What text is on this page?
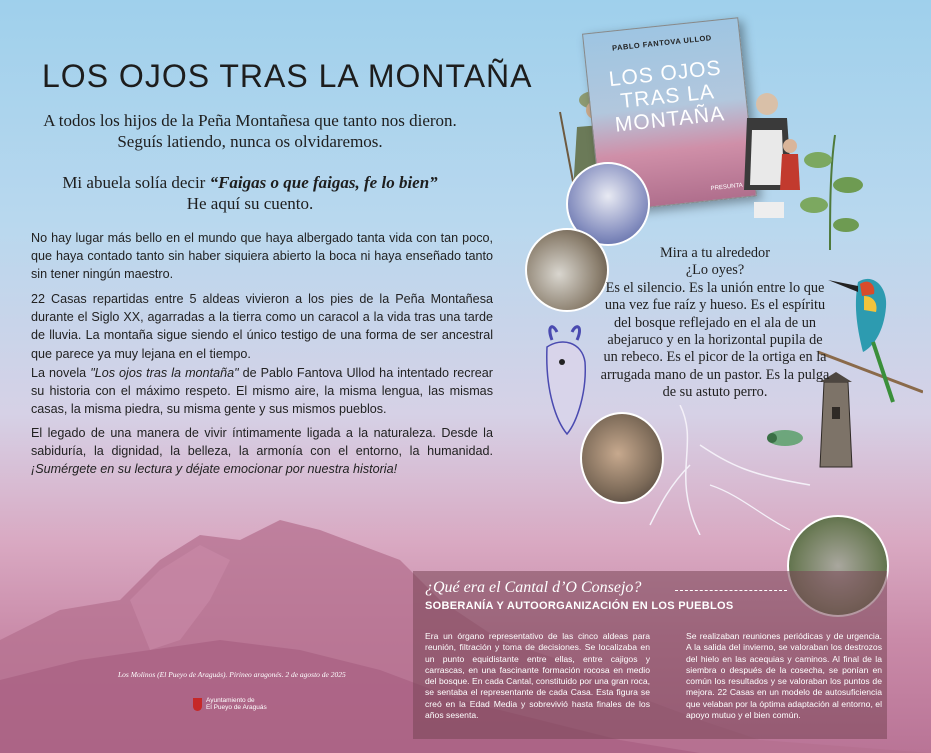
LOS OJOS TRAS LA MONTAÑA
A todos los hijos de la Peña Montañesa que tanto nos dieron.
Seguís latiendo, nunca os olvidaremos.
Mi abuela solía decir “Faigas o que faigas, fe lo bien”
He aquí su cuento.
No hay lugar más bello en el mundo que haya albergado tanta vida con tan poco, que haya contado tanto sin haber siquiera abierto la boca ni haya enseñado tanto sin tener ningún maestro.
22 Casas repartidas entre 5 aldeas vivieron a los pies de la Peña Montañesa durante el Siglo XX, agarradas a la tierra como un caracol a la vida tras una tarde de lluvia. La montaña sigue siendo el único testigo de una forma de ser ancestral que parece ya muy lejana en el tiempo.
La novela "Los ojos tras la montaña" de Pablo Fantova Ullod ha intentado recrear su historia con el máximo respeto. El mismo aire, la misma lengua, las mismas casas, la misma piedra, su misma gente y sus mismos pueblos.
El legado de una manera de vivir íntimamente ligada a la naturaleza. Desde la sabiduría, la dignidad, la belleza, la armonía con el entorno, la humanidad. ¡Sumérgete en su lectura y déjate emocionar por nuestra historia!
Los Molinos (El Pueyo de Araguás). Pirineo aragonés. 2 de agosto de 2025
Ayuntamiento de
El Pueyo de Araguás
PABLO FANTOVA ULLOD
LOS OJOS TRAS LA MONTAÑA
PRESUNTA
Mira a tu alrededor
¿Lo oyes?
Es el silencio. Es la unión entre lo que una vez fue raíz y hueso. Es el espíritu del bosque reflejado en el ala de un abejaruco y en la horizontal pupila de un rebeco. Es el picor de la ortiga en la arrugada mano de un pastor. Es la pulga de su astuto perro.
¿Qué era el Cantal d’O Consejo?
SOBERANÍA Y AUTOORGANIZACIÓN EN LOS PUEBLOS
Era un órgano representativo de las cinco aldeas para reunión, filtración y toma de decisiones. Se localizaba en un punto equidistante entre ellas, entre cajigos y carrascas, en una fascinante formación rocosa en medio del bosque. En cada Cantal, constituido por una gran roca, se sentaba el representante de cada Casa. Esta figura se creó en la Edad Media y sobrevivió hasta finales de los años sesenta.
Se realizaban reuniones periódicas y de urgencia. A la salida del invierno, se valoraban los destrozos del hielo en las acequias y caminos. Al final de la siembra o después de la cosecha, se ponían en común los resultados y se valoraban los puntos de mejora. 22 Casas en un modelo de autosuficiencia que velaban por la óptima adaptación al entorno, el apoyo mutuo y el bien común.
